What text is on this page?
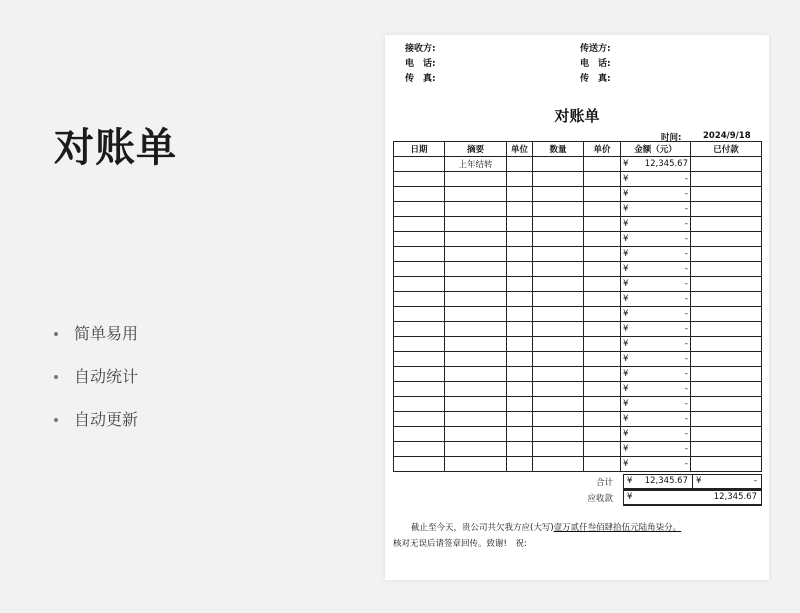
对账单
简单易用
自动统计
自动更新
接收方:
电　话:
传　真:
传送方:
电　话:
传　真:
对账单
时间:	2024/9/18
日期	摘要	单位	数量	单价	金额（元）	已付款
	上年结转				¥ 12,345.67	

					¥ -	

					¥ -	

					¥ -	

					¥ -	

					¥ -	

					¥ -	

					¥ -	

					¥ -	

					¥ -	

					¥ -	

					¥ -	

					¥ -	

					¥ -	

					¥ -	

					¥ -	

					¥ -	

					¥ -	

					¥ -	

					¥ -	

					¥ -	

合计 ¥ 12,345.67 ¥	-
应收款 ¥	12,345.67
截止至今天，贵公司共欠我方应(大写)壹万贰仟叁佰肆拾伍元陆角柒分。
核对无误后请签章回传。致谢!　祝:
